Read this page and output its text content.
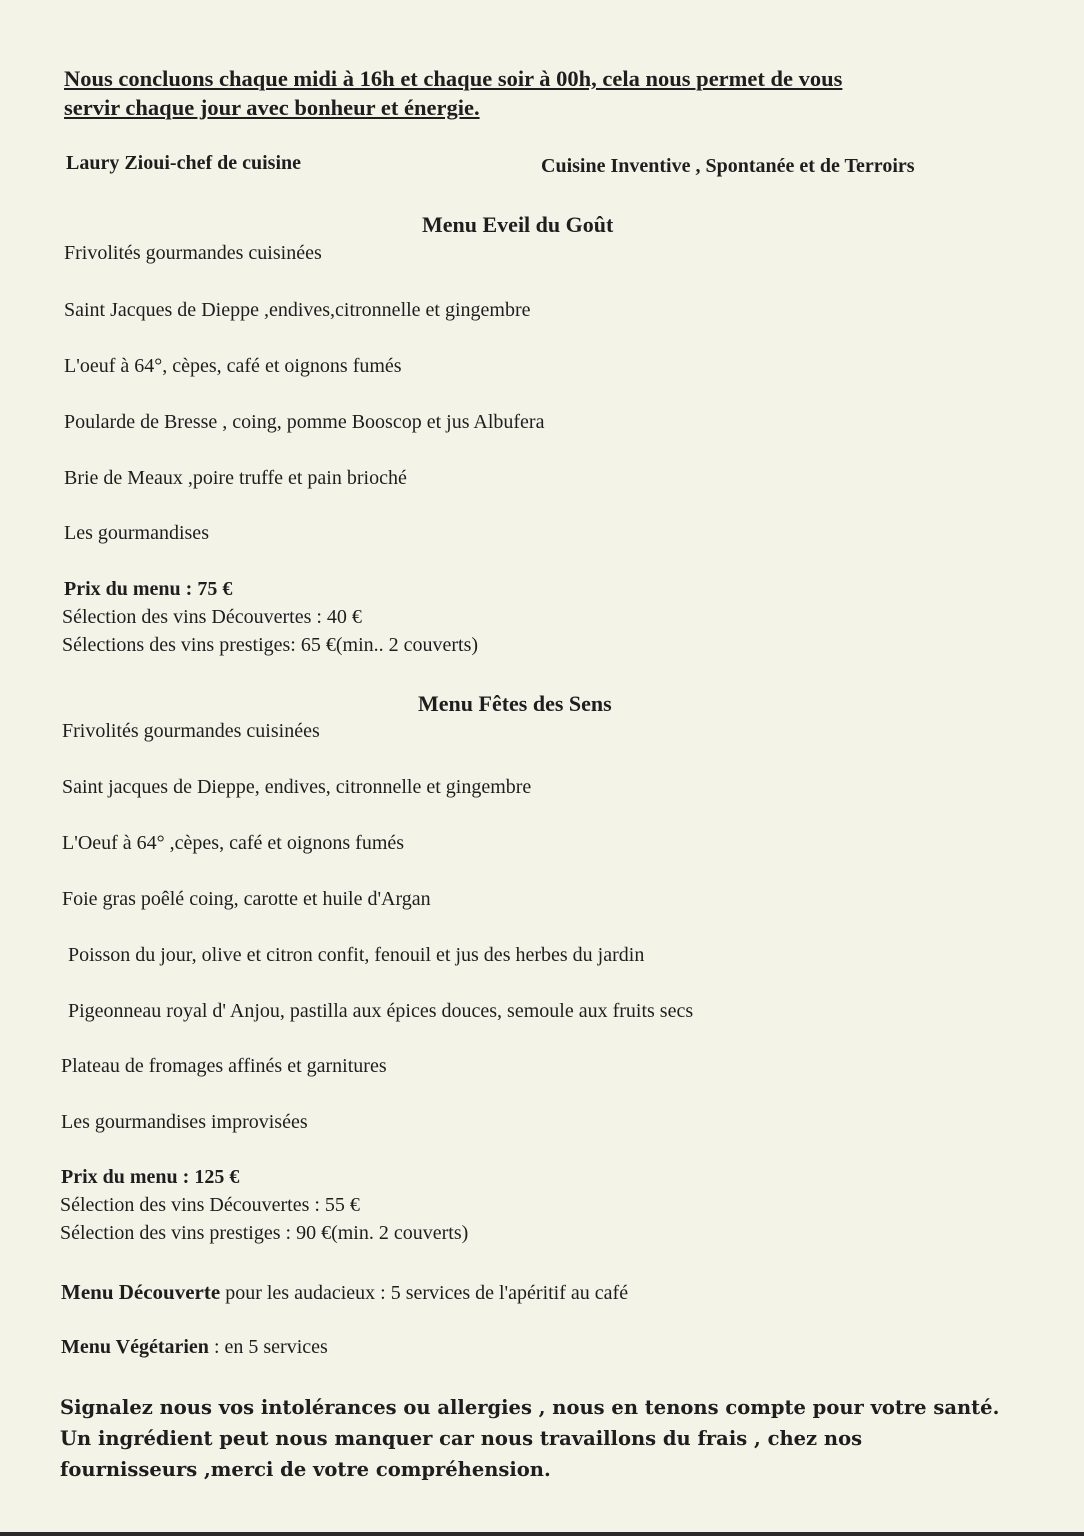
Nous concluons chaque midi à 16h et chaque soir à 00h, cela nous permet de vous
servir chaque jour avec bonheur et énergie.
Laury Zioui-chef de cuisine	Cuisine Inventive , Spontanée et de Terroirs
Menu Eveil du Goût
Frivolités gourmandes cuisinées
Saint Jacques de Dieppe ,endives,citronnelle et gingembre
L'oeuf à 64°, cèpes, café et oignons fumés
Poularde de Bresse , coing, pomme Booscop et jus Albufera
Brie de Meaux ,poire truffe et pain brioché
Les gourmandises
Prix du menu : 75 €
Sélection des vins Découvertes : 40 €
Sélections des vins prestiges: 65 €(min.. 2 couverts)
Menu Fêtes des Sens
Frivolités gourmandes cuisinées
Saint jacques de Dieppe, endives, citronnelle et gingembre
L'Oeuf à 64° ,cèpes, café et oignons fumés
Foie gras poêlé coing, carotte et huile d'Argan
Poisson du jour, olive et citron confit, fenouil et jus des herbes du jardin
Pigeonneau royal d' Anjou, pastilla aux épices douces, semoule aux fruits secs
Plateau de fromages affinés et garnitures
Les gourmandises improvisées
Prix du menu : 125 €
Sélection des vins Découvertes : 55 €
Sélection des vins prestiges : 90 €(min. 2 couverts)
Menu Découverte pour les audacieux : 5 services de l'apéritif au café
Menu Végétarien : en 5 services
Signalez nous vos intolérances ou allergies , nous en tenons compte pour votre santé.
Un ingrédient peut nous manquer car nous travaillons du frais , chez nos
fournisseurs ,merci de votre compréhension.
